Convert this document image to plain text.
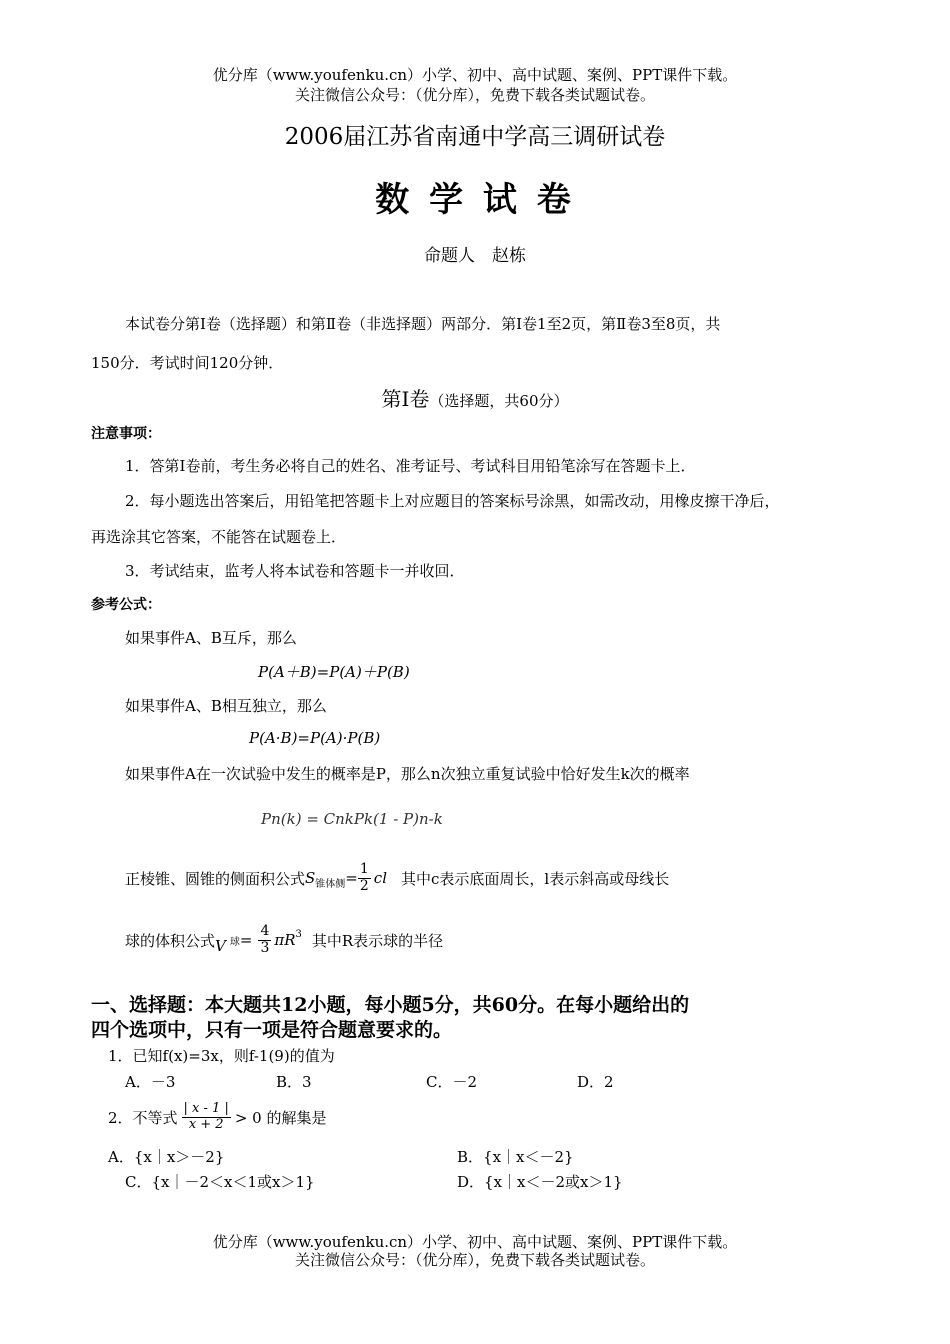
优分库（www.youfenku.cn）小学、初中、高中试题、案例、PPT课件下载。
关注微信公众号：（优分库），免费下载各类试题试卷。
2006届江苏省南通中学高三调研试卷
数 学 试 卷
命题人　赵栋
本试卷分第Ⅰ卷（选择题）和第Ⅱ卷（非选择题）两部分．第Ⅰ卷1至2页，第Ⅱ卷3至8页，共
150分．考试时间120分钟．
第Ⅰ卷（选择题，共60分）
注意事项：
1．答第Ⅰ卷前，考生务必将自己的姓名、准考证号、考试科目用铅笔涂写在答题卡上．
2．每小题选出答案后，用铅笔把答题卡上对应题目的答案标号涂黑，如需改动，用橡皮擦干净后，
再选涂其它答案，不能答在试题卷上．
3．考试结束，监考人将本试卷和答题卡一并收回．
参考公式：
如果事件A、B互斥，那么
P(A＋B)=P(A)＋P(B)
如果事件A、B相互独立，那么
P(A·B)=P(A)·P(B)
如果事件A在一次试验中发生的概率是P，那么n次独立重复试验中恰好发生k次的概率
Pn(k) = CnkPk(1 - P)n-k
正棱锥、圆锥的侧面积公式 S 锥体侧 = $\frac{1}{2}$ cl 其中c表示底面周长，l表示斜高或母线长
球的体积公式 V 球 = $\frac{4}{3}$ πR 3 其中R表示球的半径
一、选择题：本大题共12小题，每小题5分，共60分。在每小题给出的
四个选项中，只有一项是符合题意要求的。
1．已知f(x)=3x，则f-1(9)的值为
A．－3	B．3	C．－2	D．2
2．不等式 $\frac{| x - 1 |}{x + 2} > 0$ 的解集是
A．{x｜x＞－2}	B．{x｜x＜－2}
C．{x｜－2＜x＜1或x＞1}	D．{x｜x＜－2或x＞1}
优分库（www.youfenku.cn）小学、初中、高中试题、案例、PPT课件下载。
关注微信公众号：（优分库），免费下载各类试题试卷。
